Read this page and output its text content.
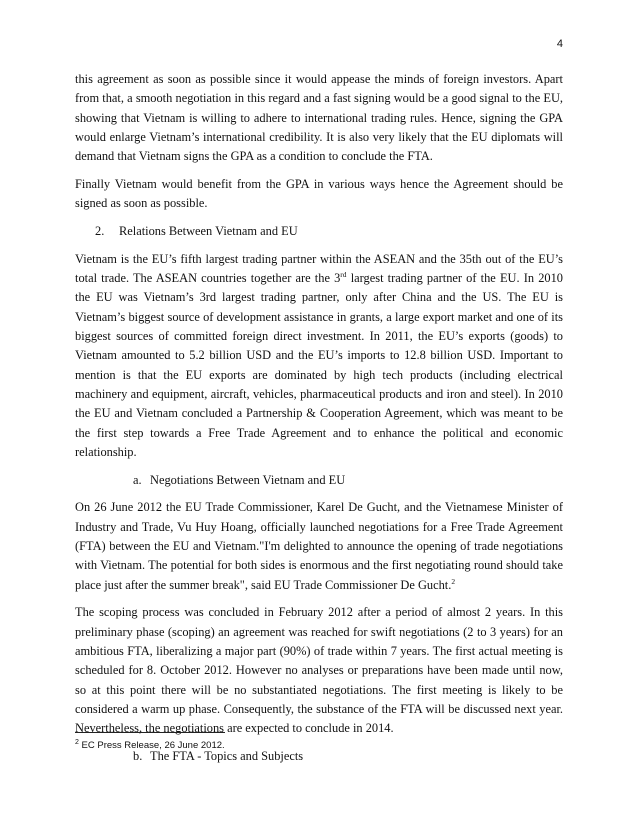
4

this agreement as soon as possible since it would appease the minds of foreign investors. Apart from that, a smooth negotiation in this regard and a fast signing would be a good signal to the EU, showing that Vietnam is willing to adhere to international trading rules. Hence, signing the GPA would enlarge Vietnam’s international credibility. It is also very likely that the EU diplomats will demand that Vietnam signs the GPA as a condition to conclude the FTA.

Finally Vietnam would benefit from the GPA in various ways hence the Agreement should be signed as soon as possible.

2. Relations Between Vietnam and EU

Vietnam is the EU’s fifth largest trading partner within the ASEAN and the 35th out of the EU’s total trade. The ASEAN countries together are the 3rd largest trading partner of the EU. In 2010 the EU was Vietnam’s 3rd largest trading partner, only after China and the US. The EU is Vietnam’s biggest source of development assistance in grants, a large export market and one of its biggest sources of committed foreign direct investment. In 2011, the EU’s exports (goods) to Vietnam amounted to 5.2 billion USD and the EU’s imports to 12.8 billion USD. Important to mention is that the EU exports are dominated by high tech products (including electrical machinery and equipment, aircraft, vehicles, pharmaceutical products and iron and steel). In 2010 the EU and Vietnam concluded a Partnership & Cooperation Agreement, which was meant to be the first step towards a Free Trade Agreement and to enhance the political and economic relationship.

a. Negotiations Between Vietnam and EU

On 26 June 2012 the EU Trade Commissioner, Karel De Gucht, and the Vietnamese Minister of Industry and Trade, Vu Huy Hoang, officially launched negotiations for a Free Trade Agreement (FTA) between the EU and Vietnam."I'm delighted to announce the opening of trade negotiations with Vietnam. The potential for both sides is enormous and the first negotiating round should take place just after the summer break", said EU Trade Commissioner De Gucht.$^2$

The scoping process was concluded in February 2012 after a period of almost 2 years. In this preliminary phase (scoping) an agreement was reached for swift negotiations (2 to 3 years) for an ambitious FTA, liberalizing a major part (90%) of trade within 7 years. The first actual meeting is scheduled for 8. October 2012. However no analyses or preparations have been made until now, so at this point there will be no substantiated negotiations. The first meeting is likely to be considered a warm up phase. Consequently, the substance of the FTA will be discussed next year. Nevertheless, the negotiations are expected to conclude in 2014.

b. The FTA - Topics and Subjects
$^2$ EC Press Release, 26 June 2012.
